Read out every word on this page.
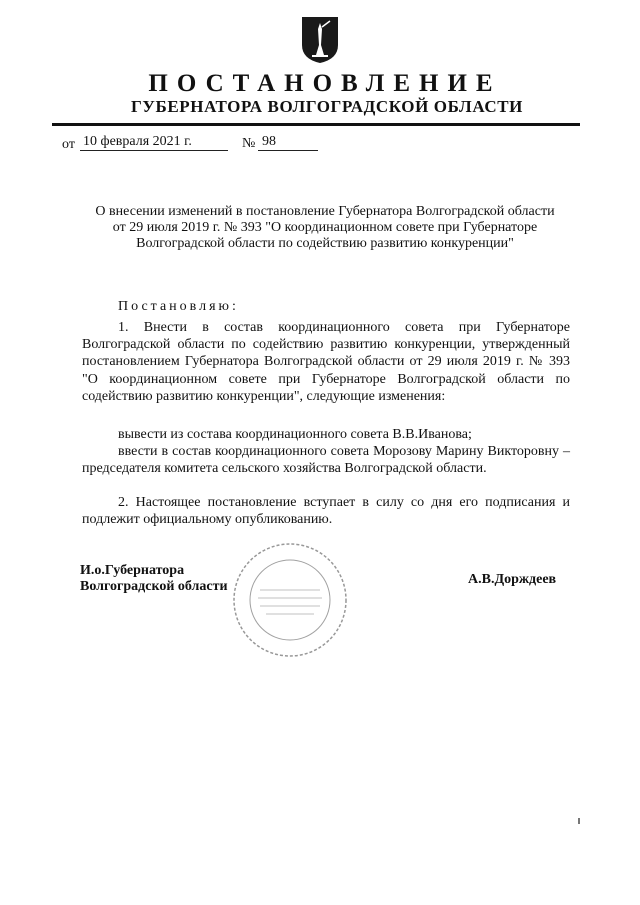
ПОСТАНОВЛЕНИЕ
ГУБЕРНАТОРА ВОЛГОГРАДСКОЙ ОБЛАСТИ
от 10 февраля 2021 г.	№ 98
О внесении изменений в постановление Губернатора Волгоградской области
от 29 июля 2019 г. № 393 "О координационном совете при Губернаторе
Волгоградской области по содействию развитию конкуренции"
Постановляю:
1. Внести в состав координационного совета при Губернаторе Волгоградской области по содействию развитию конкуренции, утвержденный постановлением Губернатора Волгоградской области от 29 июля 2019 г. № 393 "О координационном совете при Губернаторе Волгоградской области по содействию развитию конкуренции", следующие изменения:
вывести из состава координационного совета В.В.Иванова;
ввести в состав координационного совета Морозову Марину Викторовну – председателя комитета сельского хозяйства Волгоградской области.
2. Настоящее постановление вступает в силу со дня его подписания и подлежит официальному опубликованию.
И.о.Губернатора
Волгоградской области	А.В.Дорждеев
